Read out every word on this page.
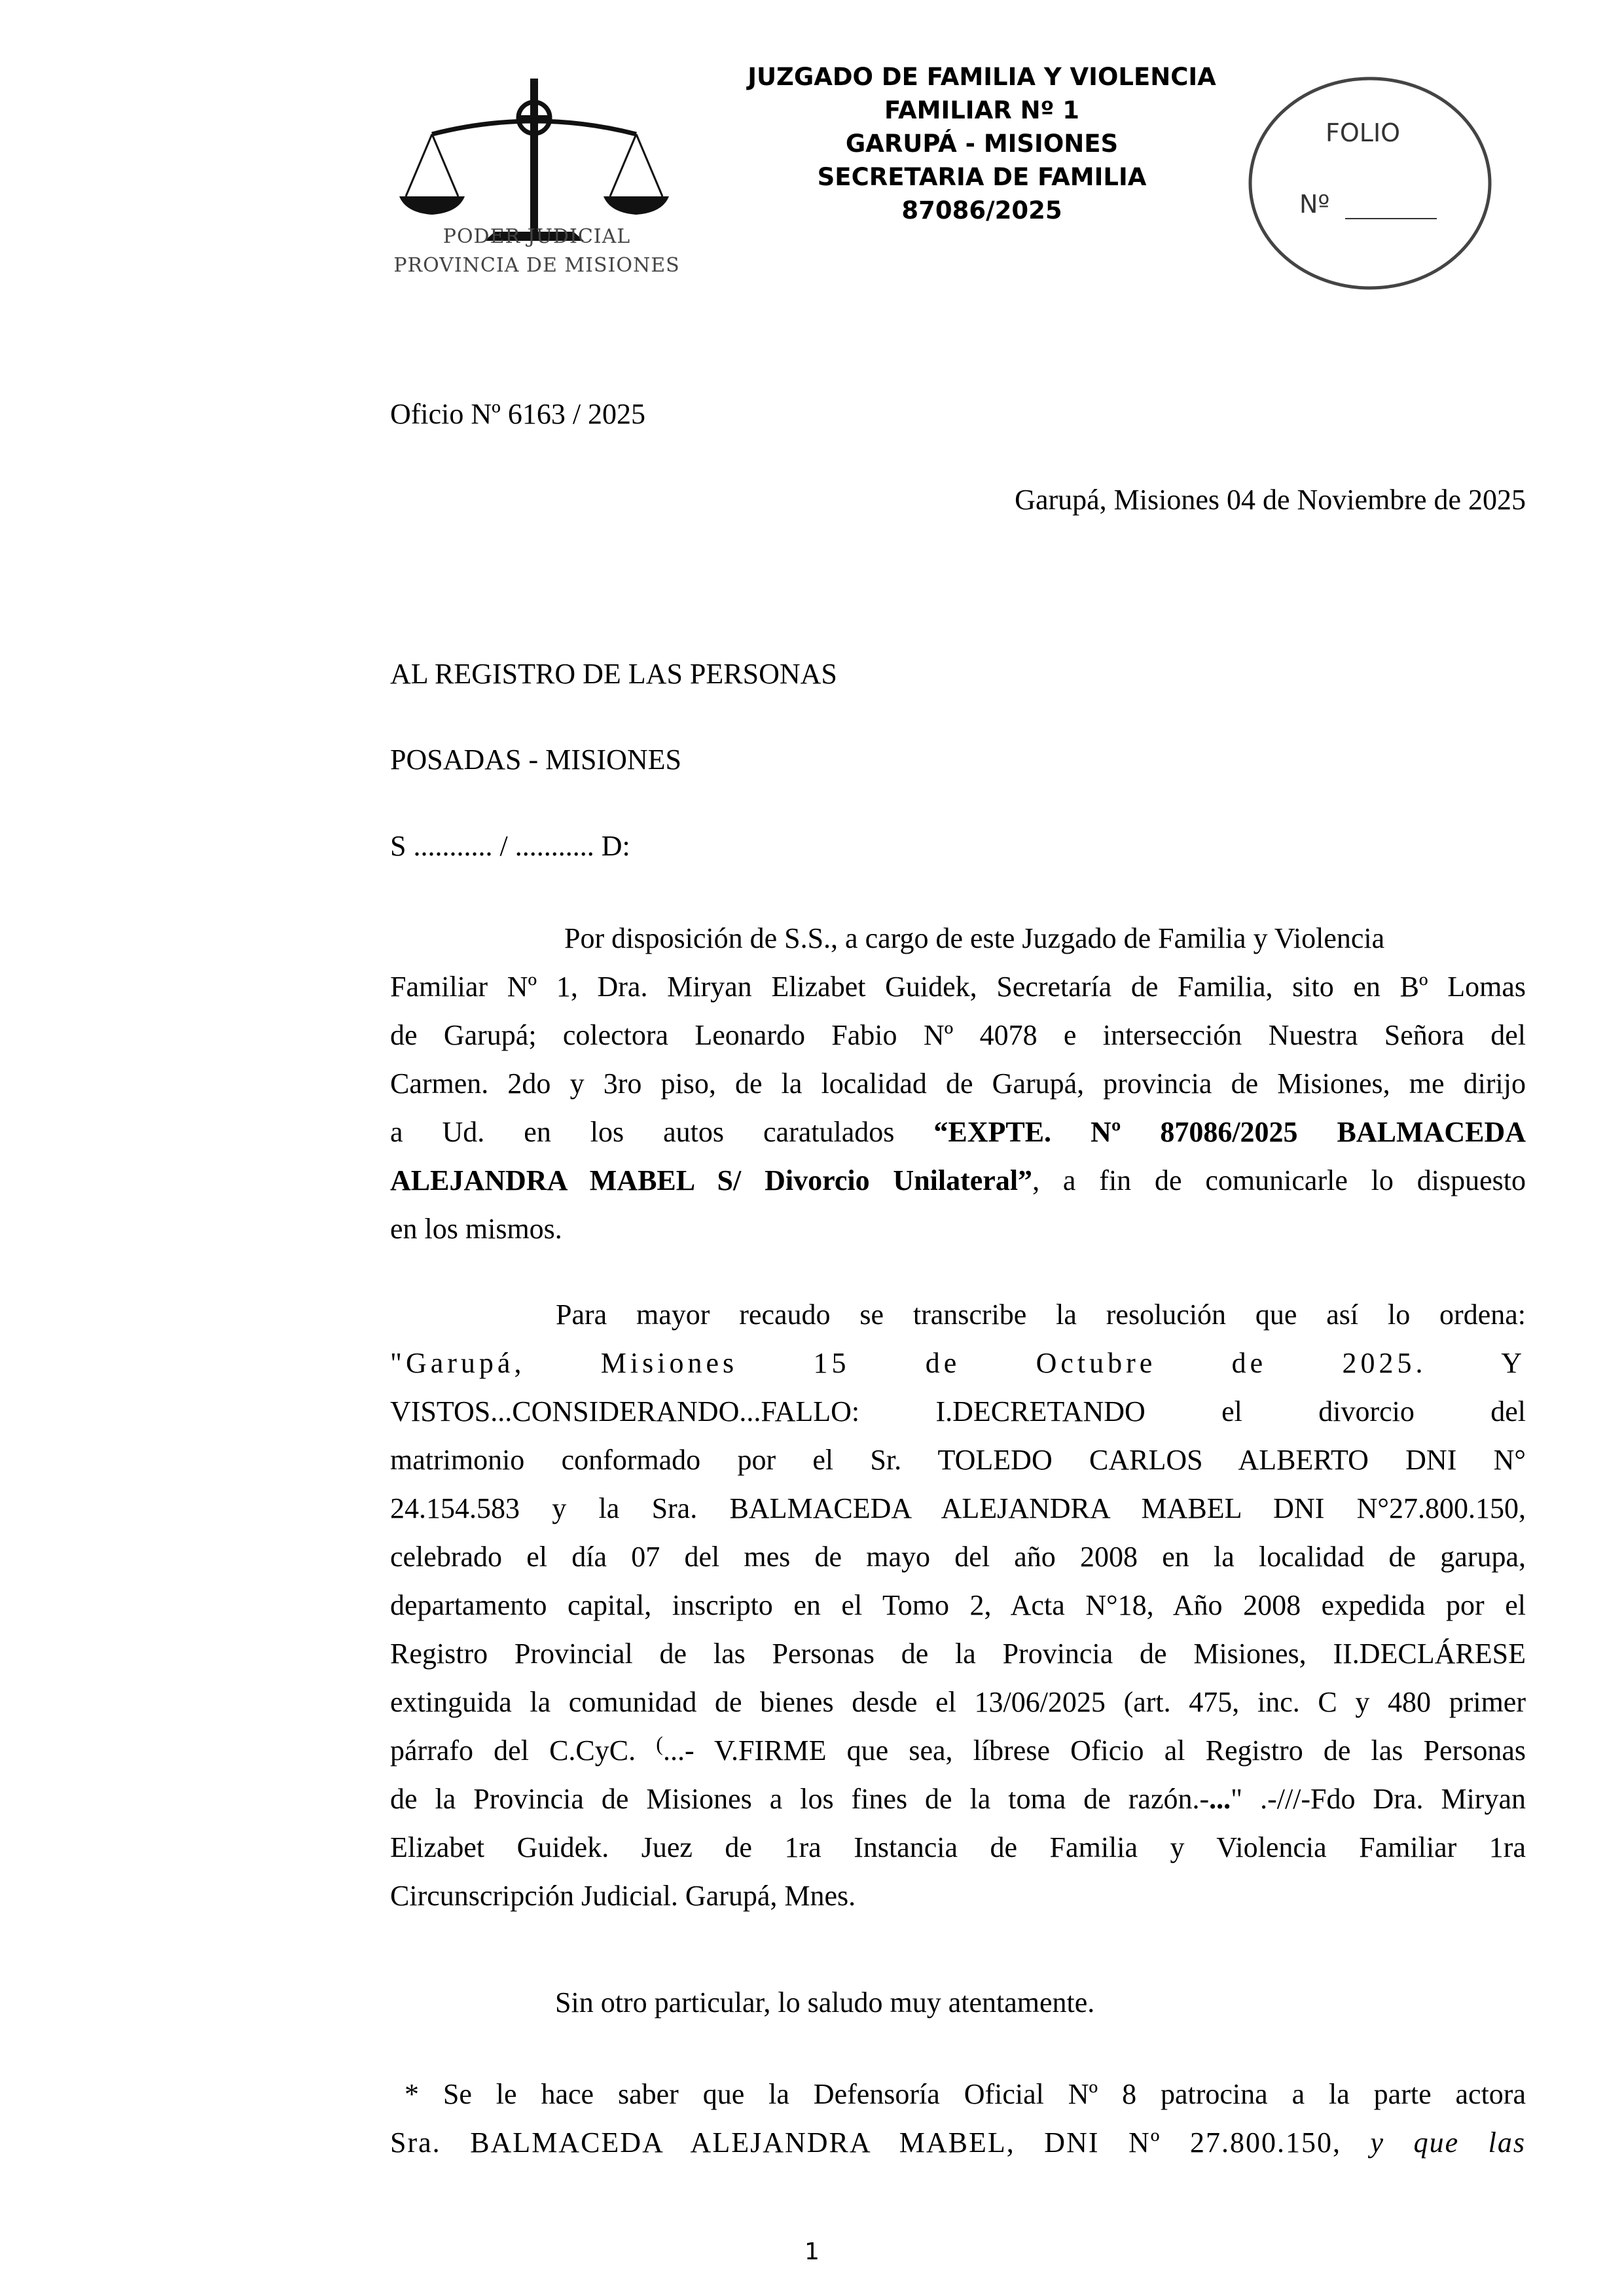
PODER JUDICIAL
PROVINCIA DE MISIONES
JUZGADO DE FAMILIA Y VIOLENCIA
FAMILIAR Nº 1
GARUPÁ - MISIONES
SECRETARIA DE FAMILIA
87086/2025
FOLIO
Nº
Oficio Nº 6163 / 2025
Garupá, Misiones 04 de Noviembre de 2025
AL REGISTRO DE LAS PERSONAS
POSADAS - MISIONES
S ........... / ........... D:
Por disposición de S.S., a cargo de este Juzgado de Familia y Violencia
Familiar Nº 1, Dra. Miryan Elizabet Guidek, Secretaría de Familia, sito en Bº Lomas
de Garupá; colectora Leonardo Fabio Nº 4078 e intersección Nuestra Señora del
Carmen. 2do y 3ro piso, de la localidad de Garupá, provincia de Misiones, me dirijo
a Ud. en los autos caratulados “EXPTE. Nº 87086/2025 BALMACEDA
ALEJANDRA MABEL S/ Divorcio Unilateral”, a fin de comunicarle lo dispuesto
en los mismos.
Para mayor recaudo se transcribe la resolución que así lo ordena:
"Garupá, Misiones 15 de Octubre de 2025. Y
VISTOS...CONSIDERANDO...FALLO: I.DECRETANDO el divorcio del
matrimonio conformado por el Sr. TOLEDO CARLOS ALBERTO DNI N°
24.154.583 y la Sra. BALMACEDA ALEJANDRA MABEL DNI N°27.800.150,
celebrado el día 07 del mes de mayo del año 2008 en la localidad de garupa,
departamento capital, inscripto en el Tomo 2, Acta N°18, Año 2008 expedida por el
Registro Provincial de las Personas de la Provincia de Misiones, II.DECLÁRESE
extinguida la comunidad de bienes desde el 13/06/2025 (art. 475, inc. C y 480 primer
párrafo del C.CyC. (...- V.FIRME que sea, líbrese Oficio al Registro de las Personas
de la Provincia de Misiones a los fines de la toma de razón.-..." .-///-Fdo Dra. Miryan
Elizabet Guidek. Juez de 1ra Instancia de Familia y Violencia Familiar 1ra
Circunscripción Judicial. Garupá, Mnes.
Sin otro particular, lo saludo muy atentamente.
* Se le hace saber que la Defensoría Oficial Nº 8 patrocina a la parte actora
Sra. BALMACEDA ALEJANDRA MABEL, DNI Nº 27.800.150, y que las
1
